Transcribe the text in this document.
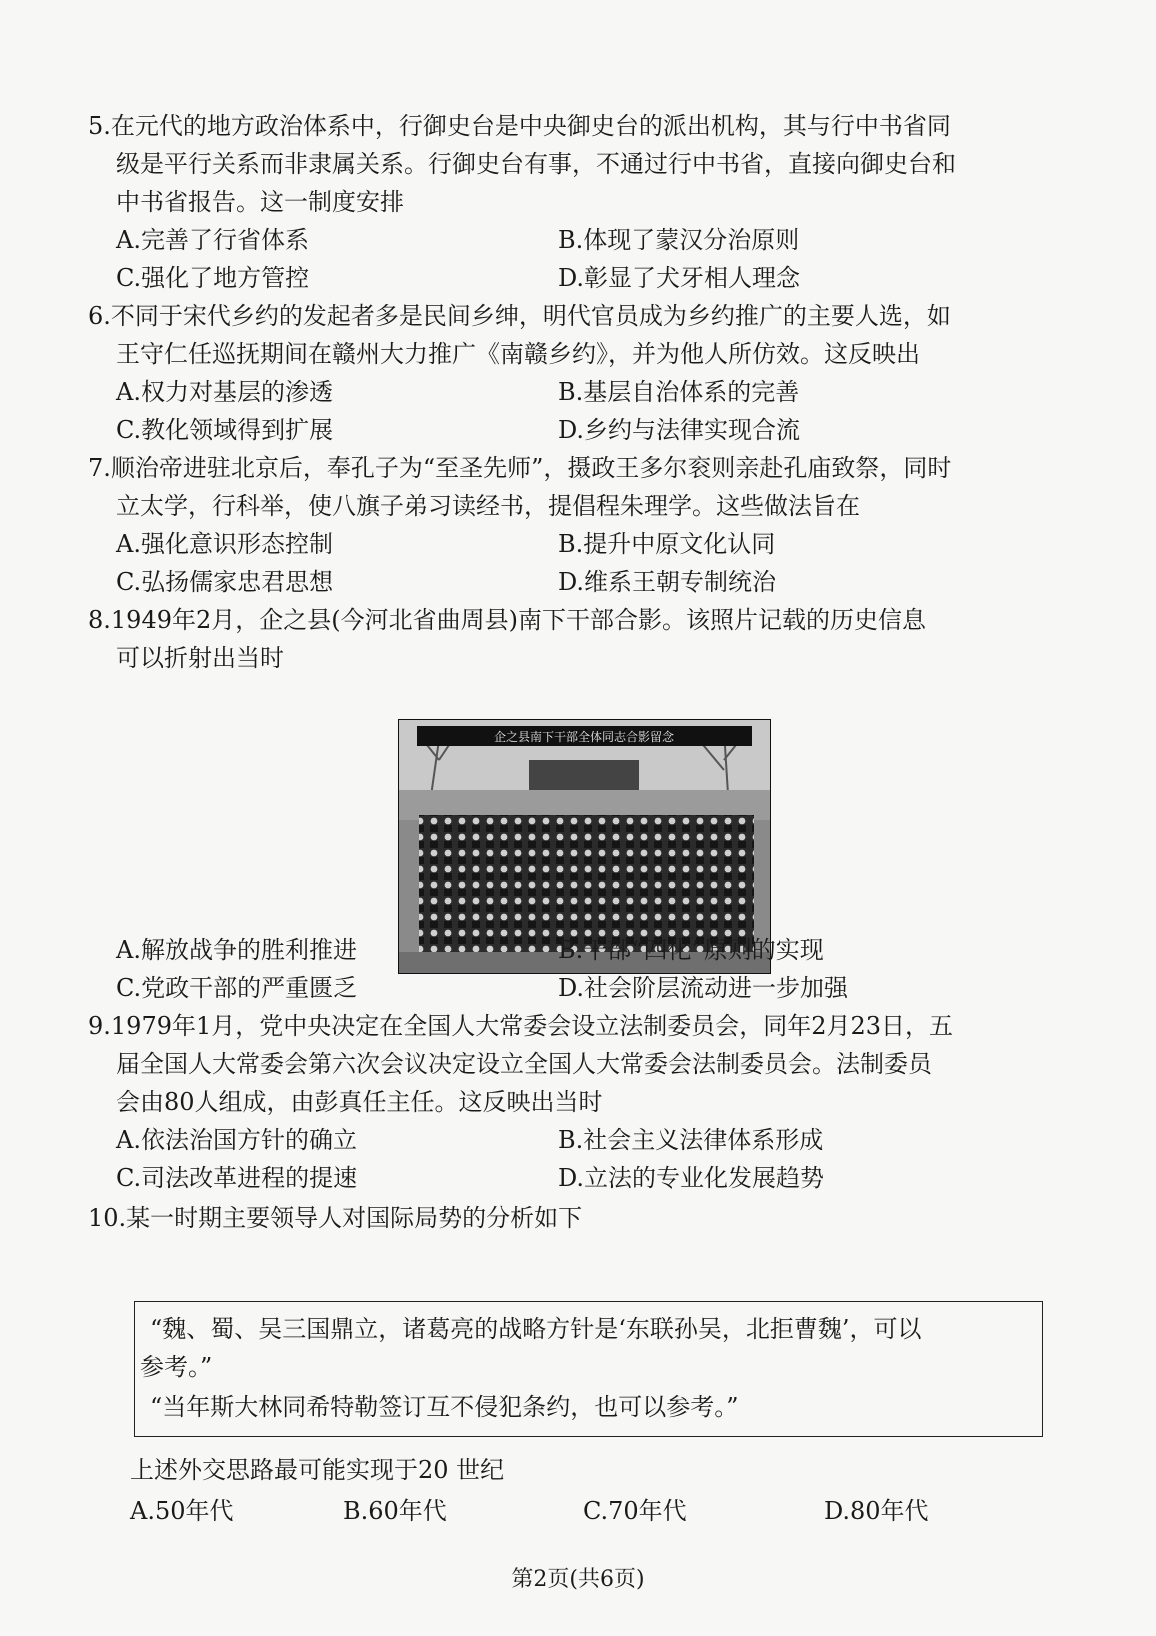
5.在元代的地方政治体系中，行御史台是中央御史台的派出机构，其与行中书省同
级是平行关系而非隶属关系。行御史台有事，不通过行中书省，直接向御史台和
中书省报告。这一制度安排
A.完善了行省体系	B.体现了蒙汉分治原则
C.强化了地方管控	D.彰显了犬牙相人理念
6.不同于宋代乡约的发起者多是民间乡绅，明代官员成为乡约推广的主要人选，如
王守仁任巡抚期间在赣州大力推广《南赣乡约》，并为他人所仿效。这反映出
A.权力对基层的渗透	B.基层自治体系的完善
C.教化领域得到扩展	D.乡约与法律实现合流
7.顺治帝进驻北京后，奉孔子为“至圣先师”，摄政王多尔衮则亲赴孔庙致祭，同时
立太学，行科举，使八旗子弟习读经书，提倡程朱理学。这些做法旨在
A.强化意识形态控制	B.提升中原文化认同
C.弘扬儒家忠君思想	D.维系王朝专制统治
8.1949年2月，企之县(今河北省曲周县)南下干部合影。该照片记载的历史信息
可以折射出当时
企之县南下干部全体同志合影留念
A.解放战争的胜利推进	B.干部“四化”原则的实现
C.党政干部的严重匮乏	D.社会阶层流动进一步加强
9.1979年1月，党中央决定在全国人大常委会设立法制委员会，同年2月23日，五
届全国人大常委会第六次会议决定设立全国人大常委会法制委员会。法制委员
会由80人组成，由彭真任主任。这反映出当时
A.依法治国方针的确立	B.社会主义法律体系形成
C.司法改革进程的提速	D.立法的专业化发展趋势
10.某一时期主要领导人对国际局势的分析如下
“魏、蜀、吴三国鼎立，诸葛亮的战略方针是‘东联孙吴，北拒曹魏’，可以
参考。”
“当年斯大林同希特勒签订互不侵犯条约，也可以参考。”
上述外交思路最可能实现于20 世纪
A.50年代	B.60年代	C.70年代	D.80年代
第2页(共6页)
